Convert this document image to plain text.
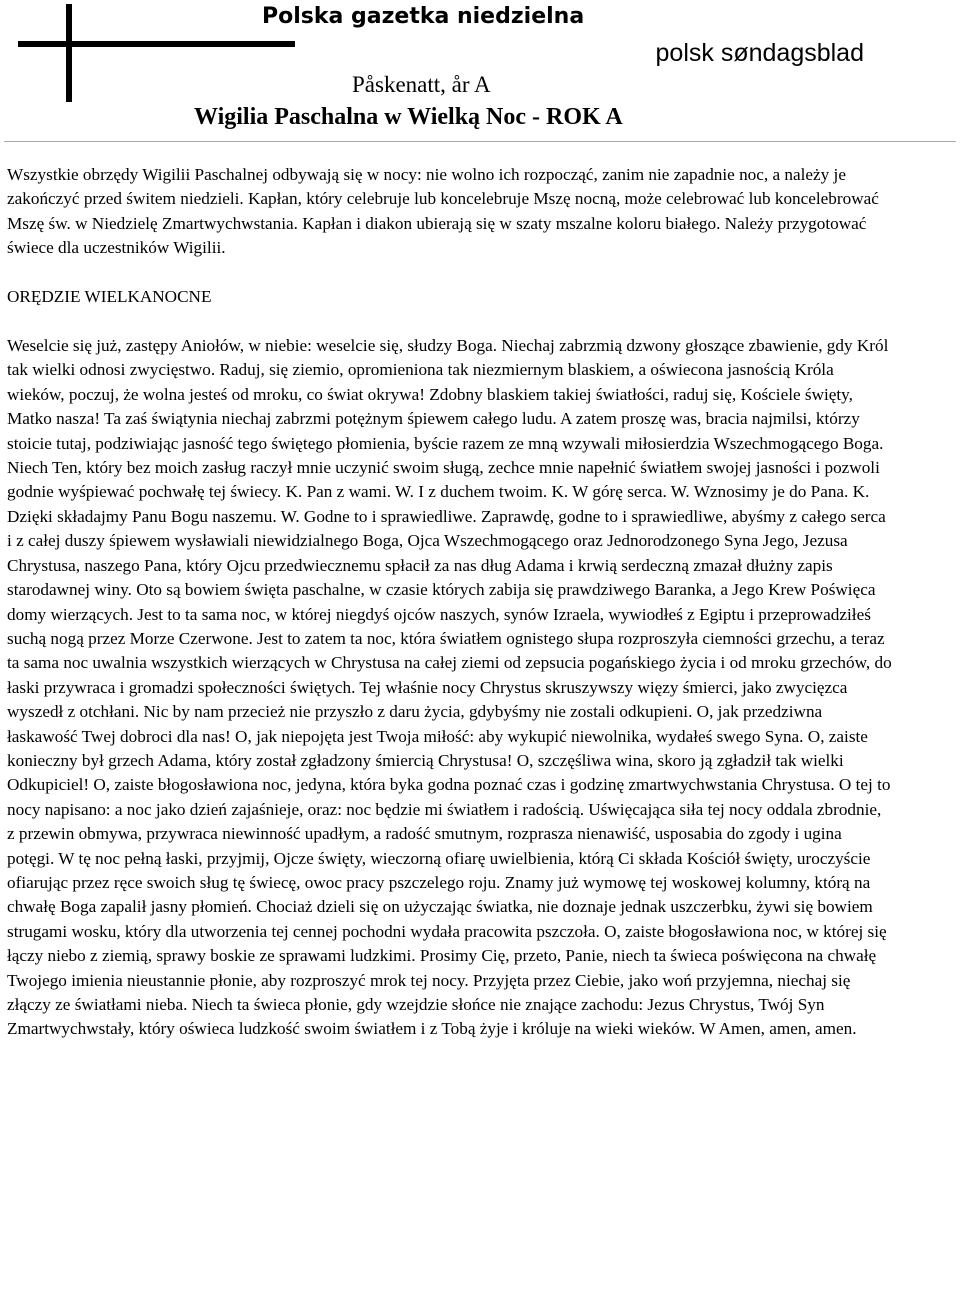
Polska gazetka niedzielna
polsk søndagsblad
Påskenatt, år A
Wigilia Paschalna w Wielką Noc - ROK A

Wszystkie obrzędy Wigilii Paschalnej odbywają się w nocy: nie wolno ich rozpocząć, zanim nie zapadnie noc, a należy je zakończyć przed świtem niedzieli. Kapłan, który celebruje lub koncelebruje Mszę nocną, może celebrować lub koncelebrować Mszę św. w Niedzielę Zmartwychwstania. Kapłan i diakon ubierają się w szaty mszalne koloru białego. Należy przygotować świece dla uczestników Wigilii.

ORĘDZIE WIELKANOCNE

Weselcie się już, zastępy Aniołów, w niebie: weselcie się, słudzy Boga. Niechaj zabrzmią dzwony głoszące zbawienie, gdy Król tak wielki odnosi zwycięstwo. Raduj, się ziemio, opromieniona tak niezmiernym blaskiem, a oświecona jasnością Króla wieków, poczuj, że wolna jesteś od mroku, co świat okrywa! Zdobny blaskiem takiej światłości, raduj się, Kościele święty, Matko nasza! Ta zaś świątynia niechaj zabrzmi potężnym śpiewem całego ludu. A zatem proszę was, bracia najmilsi, którzy stoicie tutaj, podziwiając jasność tego świętego płomienia, byście razem ze mną wzywali miłosierdzia Wszechmogącego Boga. Niech Ten, który bez moich zasług raczył mnie uczynić swoim sługą, zechce mnie napełnić światłem swojej jasności i pozwoli godnie wyśpiewać pochwałę tej świecy. K. Pan z wami. W. I z duchem twoim. K. W górę serca. W. Wznosimy je do Pana. K. Dzięki składajmy Panu Bogu naszemu. W. Godne to i sprawiedliwe. Zaprawdę, godne to i sprawiedliwe, abyśmy z całego serca i z całej duszy śpiewem wysławiali niewidzialnego Boga, Ojca Wszechmogącego oraz Jednorodzonego Syna Jego, Jezusa Chrystusa, naszego Pana, który Ojcu przedwiecznemu spłacił za nas dług Adama i krwią serdeczną zmazał dłużny zapis starodawnej winy. Oto są bowiem święta paschalne, w czasie których zabija się prawdziwego Baranka, a Jego Krew Poświęca domy wierzących. Jest to ta sama noc, w której niegdyś ojców naszych, synów Izraela, wywiodłeś z Egiptu i przeprowadziłeś suchą nogą przez Morze Czerwone. Jest to zatem ta noc, która światłem ognistego słupa rozproszyła ciemności grzechu, a teraz ta sama noc uwalnia wszystkich wierzących w Chrystusa na całej ziemi od zepsucia pogańskiego życia i od mroku grzechów, do łaski przywraca i gromadzi społeczności świętych. Tej właśnie nocy Chrystus skruszywszy więzy śmierci, jako zwycięzca wyszedł z otchłani. Nic by nam przecież nie przyszło z daru życia, gdybyśmy nie zostali odkupieni. O, jak przedziwna łaskawość Twej dobroci dla nas! O, jak niepojęta jest Twoja miłość: aby wykupić niewolnika, wydałeś swego Syna. O, zaiste konieczny był grzech Adama, który został zgładzony śmiercią Chrystusa! O, szczęśliwa wina, skoro ją zgładził tak wielki Odkupiciel! O, zaiste błogosławiona noc, jedyna, która byka godna poznać czas i godzinę zmartwychwstania Chrystusa. O tej to nocy napisano: a noc jako dzień zajaśnieje, oraz: noc będzie mi światłem i radością. Uświęcająca siła tej nocy oddala zbrodnie, z przewin obmywa, przywraca niewinność upadłym, a radość smutnym, rozprasza nienawiść, usposabia do zgody i ugina potęgi. W tę noc pełną łaski, przyjmij, Ojcze święty, wieczorną ofiarę uwielbienia, którą Ci składa Kościół święty, uroczyście ofiarując przez ręce swoich sług tę świecę, owoc pracy pszczelego roju. Znamy już wymowę tej woskowej kolumny, którą na chwałę Boga zapalił jasny płomień. Chociaż dzieli się on użyczając światka, nie doznaje jednak uszczerbku, żywi się bowiem strugami wosku, który dla utworzenia tej cennej pochodni wydała pracowita pszczoła. O, zaiste błogosławiona noc, w której się łączy niebo z ziemią, sprawy boskie ze sprawami ludzkimi. Prosimy Cię, przeto, Panie, niech ta świeca poświęcona na chwałę Twojego imienia nieustannie płonie, aby rozproszyć mrok tej nocy. Przyjęta przez Ciebie, jako woń przyjemna, niechaj się złączy ze światłami nieba. Niech ta świeca płonie, gdy wzejdzie słońce nie znające zachodu: Jezus Chrystus, Twój Syn Zmartwychwstały, który oświeca ludzkość swoim światłem i z Tobą żyje i króluje na wieki wieków. W Amen, amen, amen.
